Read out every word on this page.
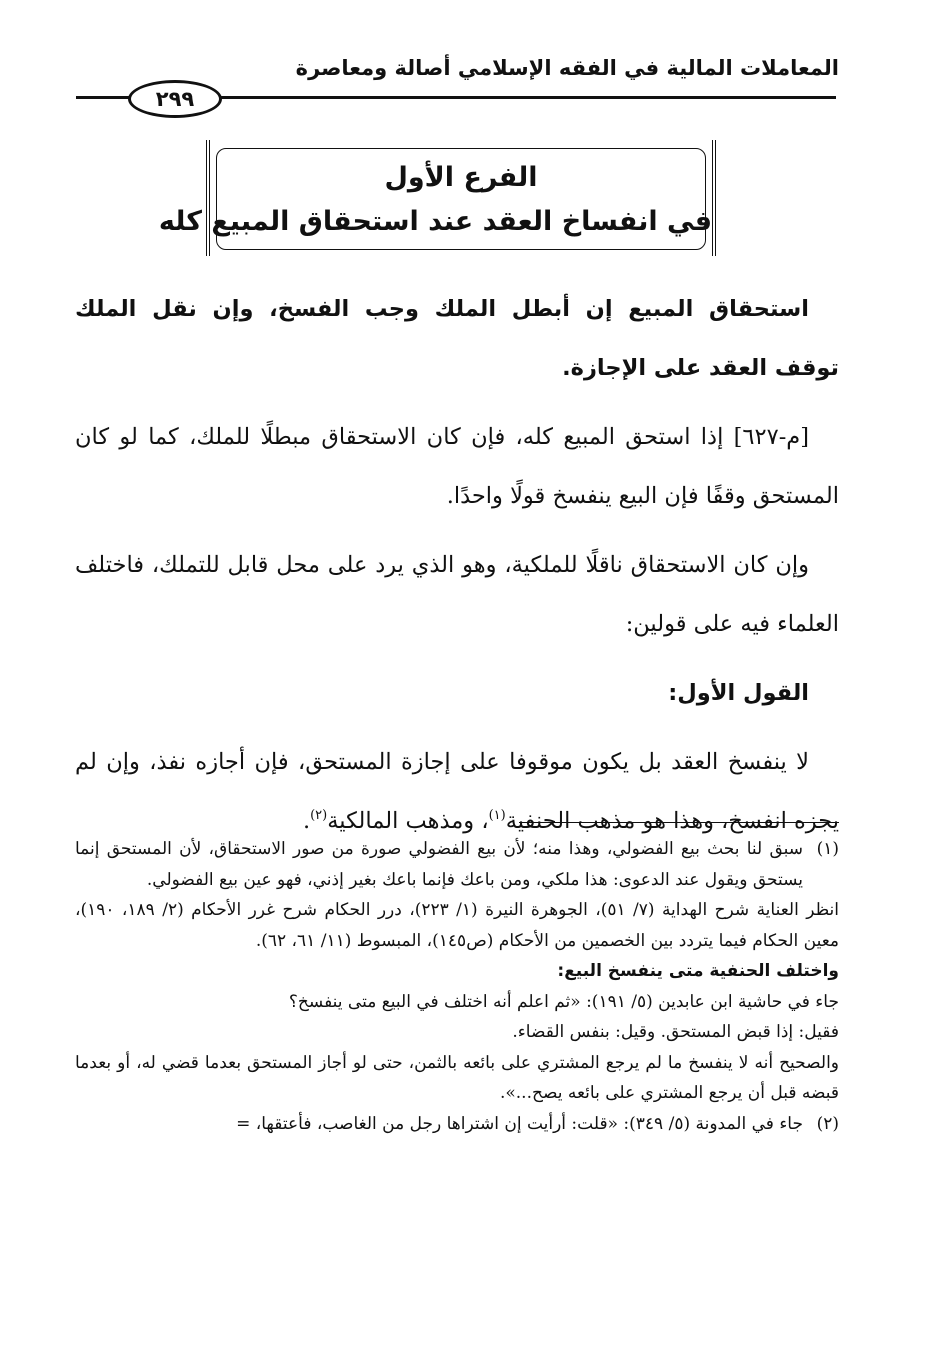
المعاملات المالية في الفقه الإسلامي أصالة ومعاصرة
٢٩٩
الفرع الأول
في انفساخ العقد عند استحقاق المبيع كله

استحقاق المبيع إن أبطل الملك وجب الفسخ، وإن نقل الملك توقف العقد على الإجازة.

[م-٦٢٧] إذا استحق المبيع كله، فإن كان الاستحقاق مبطلًا للملك، كما لو كان المستحق وقفًا فإن البيع ينفسخ قولًا واحدًا.

وإن كان الاستحقاق ناقلًا للملكية، وهو الذي يرد على محل قابل للتملك، فاختلف العلماء فيه على قولين:

القول الأول:

لا ينفسخ العقد بل يكون موقوفا على إجازة المستحق، فإن أجازه نفذ، وإن لم يجزه انفسخ، وهذا هو مذهب الحنفية$^{(١)}$، ومذهب المالكية$^{(٢)}$.

(١)
سبق لنا بحث بيع الفضولي، وهذا منه؛ لأن بيع الفضولي صورة من صور الاستحقاق، لأن المستحق إنما يستحق ويقول عند الدعوى: هذا ملكي، ومن باعك فإنما باعك بغير إذني، فهو عين بيع الفضولي.
انظر العناية شرح الهداية (٧/ ٥١)، الجوهرة النيرة (١/ ٢٢٣)، درر الحكام شرح غرر الأحكام (٢/ ١٨٩، ١٩٠)، معين الحكام فيما يتردد بين الخصمين من الأحكام (ص١٤٥)، المبسوط (١١/ ٦١، ٦٢).
واختلف الحنفية متى ينفسخ البيع:
جاء في حاشية ابن عابدين (٥/ ١٩١): «ثم اعلم أنه اختلف في البيع متى ينفسخ؟
فقيل: إذا قبض المستحق. وقيل: بنفس القضاء.
والصحيح أنه لا ينفسخ ما لم يرجع المشتري على بائعه بالثمن، حتى لو أجاز المستحق بعدما قضي له، أو بعدما قبضه قبل أن يرجع المشتري على بائعه يصح...».
(٢)
جاء في المدونة (٥/ ٣٤٩): «قلت: أرأيت إن اشتراها رجل من الغاصب، فأعتقها، =
